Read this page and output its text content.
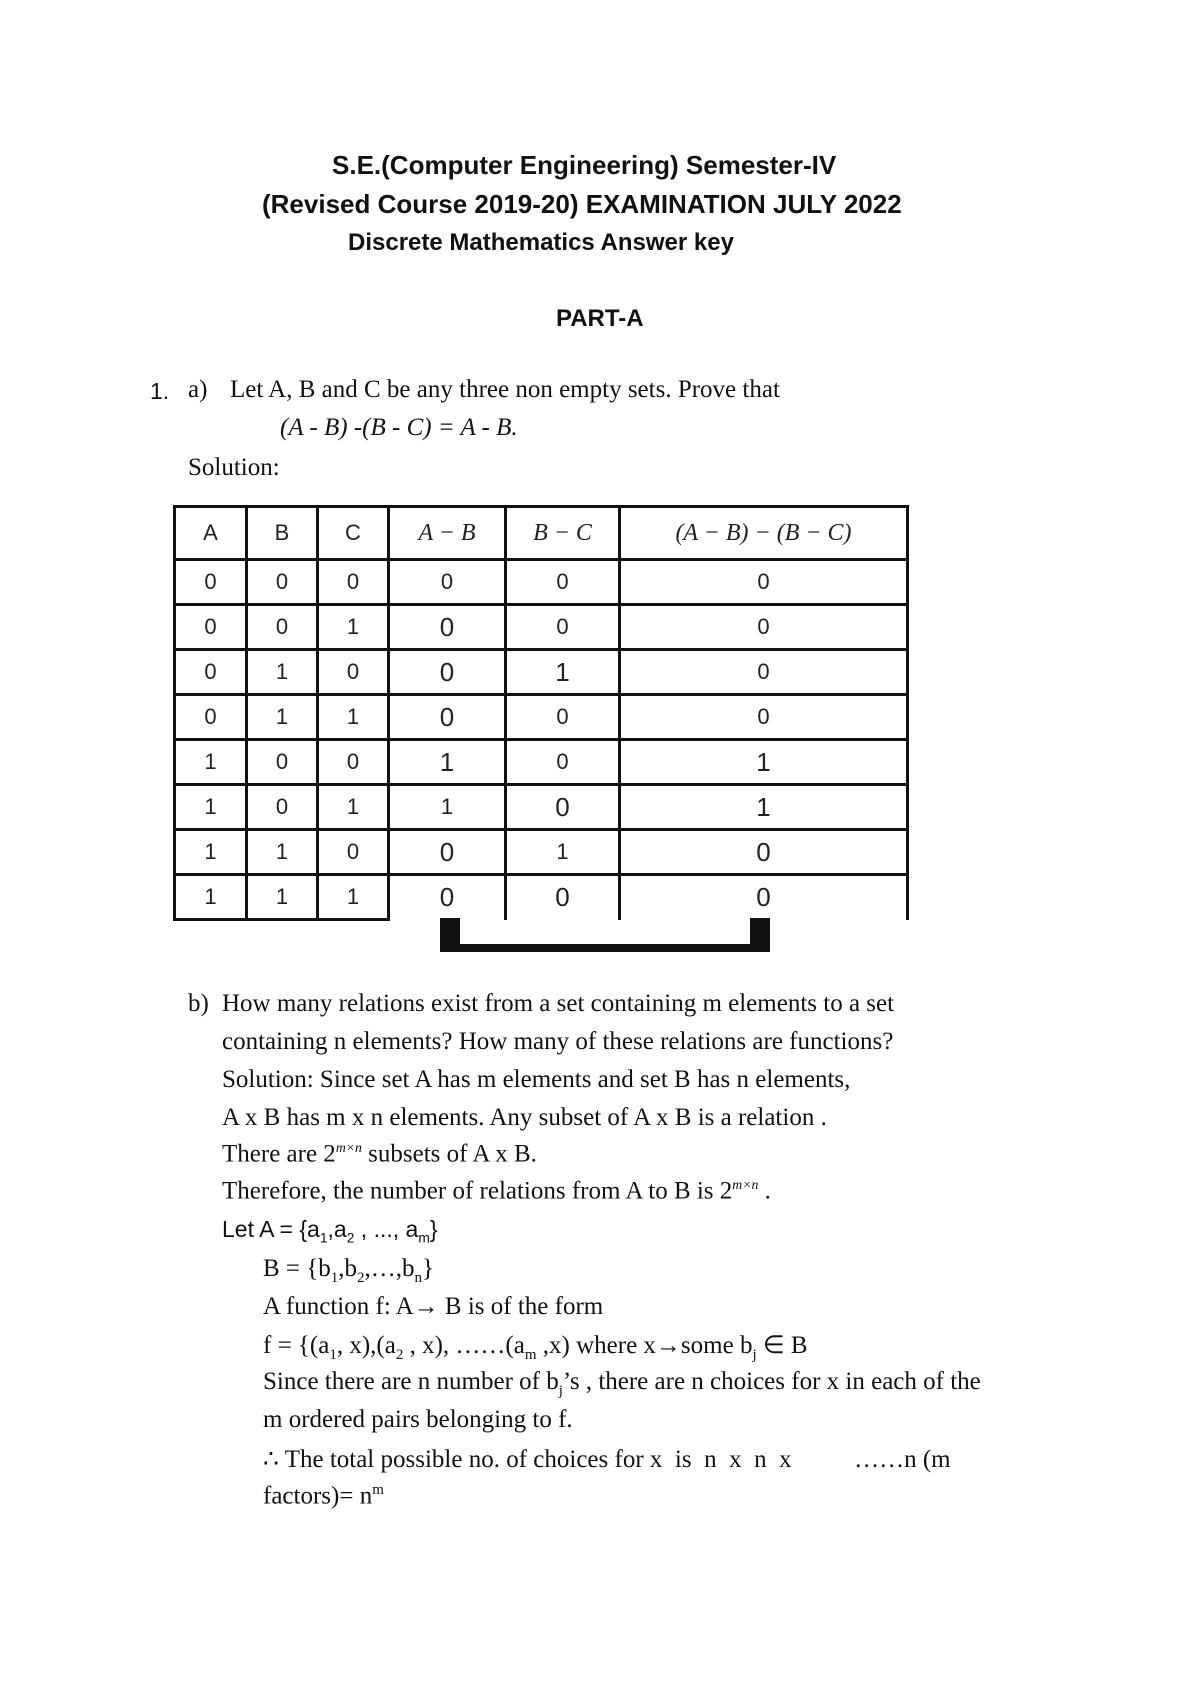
S.E.(Computer Engineering) Semester-IV
(Revised Course 2019-20) EXAMINATION JULY 2022
Discrete Mathematics Answer key
PART-A
1. a) Let A, B and C be any three non empty sets. Prove that
(A - B) -(B - C) = A - B.
Solution:
A	B	C	A − B	B − C	(A − B) − (B − C)
0	0	0	0	0	0
0	0	1	0	0	0
0	1	0	0	1	0
0	1	1	0	0	0
1	0	0	1	0	1
1	0	1	1	0	1
1	1	0	0	1	0
1	1	1	0	0	0
b) How many relations exist from a set containing m elements to a set
containing n elements? How many of these relations are functions?
Solution: Since set A has m elements and set B has n elements,
A x B has m x n elements. Any subset of A x B is a relation .
There are $2^{m\times n}$ subsets of A x B.
Therefore, the number of relations from A to B is $2^{m\times n}$ .
Let $A = \{a_1,a_2$ , ..., $a_m$}
$B = \{b_1,b_2,\dots,b_n\}$
A function f: A→ B is of the form
$f = \{(a_1$, $x),(a_2$ , x), $\dots\dots(a_m$ ,x) where x→some $b_j$ ∈ B
Since there are n number of $b_j’s$ , there are n choices for x in each of the
m ordered pairs belonging to f.
∴ The total possible no. of choices for x  is  n  x  n  x          ……n (m
factors)= $n^m$
